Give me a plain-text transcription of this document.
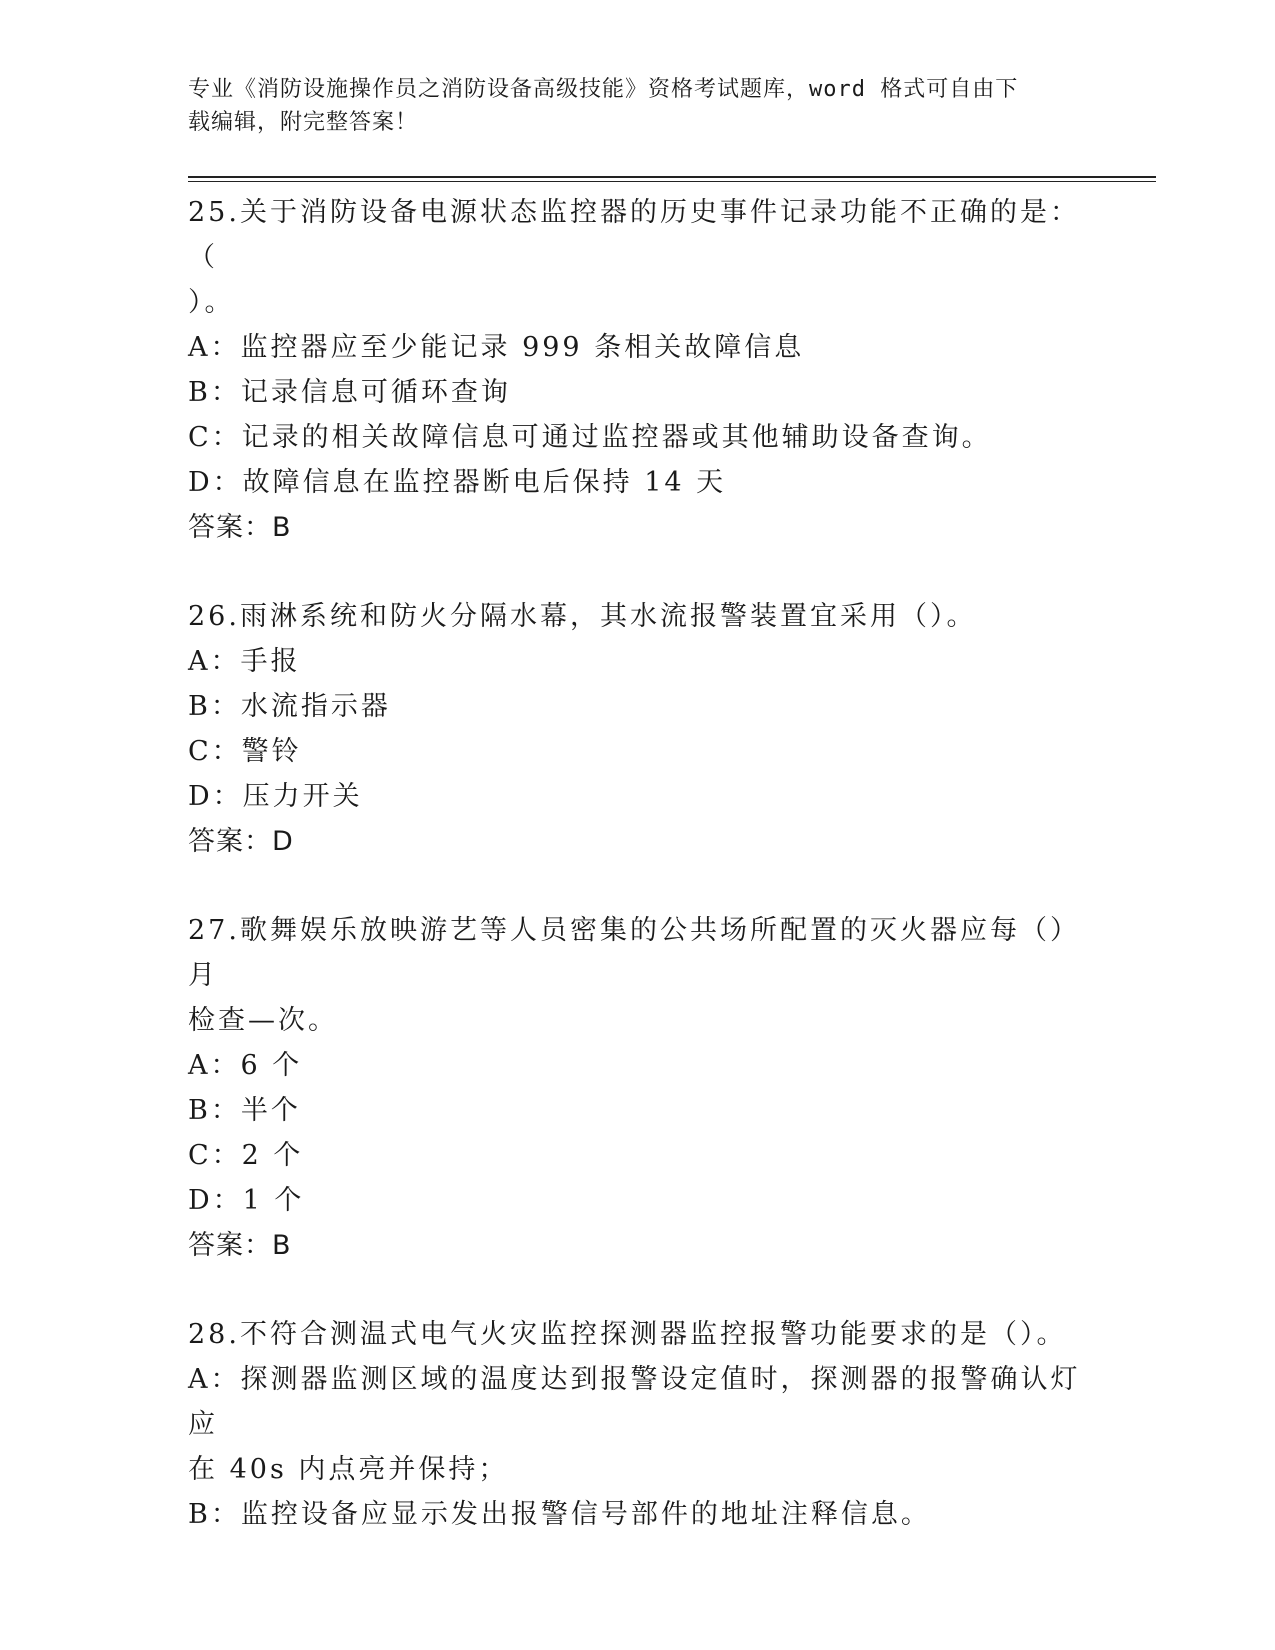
专业《消防设施操作员之消防设备高级技能》资格考试题库，word 格式可自由下
载编辑，附完整答案！
25.关于消防设备电源状态监控器的历史事件记录功能不正确的是：（
）。
A：监控器应至少能记录 999 条相关故障信息
B：记录信息可循环查询
C：记录的相关故障信息可通过监控器或其他辅助设备查询。
D：故障信息在监控器断电后保持 14 天
答案：B
26.雨淋系统和防火分隔水幕，其水流报警装置宜采用（）。
A：手报
B：水流指示器
C：警铃
D：压力开关
答案：D
27.歌舞娱乐放映游艺等人员密集的公共场所配置的灭火器应每（）月
检查—次。
A：6 个
B：半个
C：2 个
D：1 个
答案：B
28.不符合测温式电气火灾监控探测器监控报警功能要求的是（）。
A：探测器监测区域的温度达到报警设定值时，探测器的报警确认灯应
在 40s 内点亮并保持；
B：监控设备应显示发出报警信号部件的地址注释信息。
